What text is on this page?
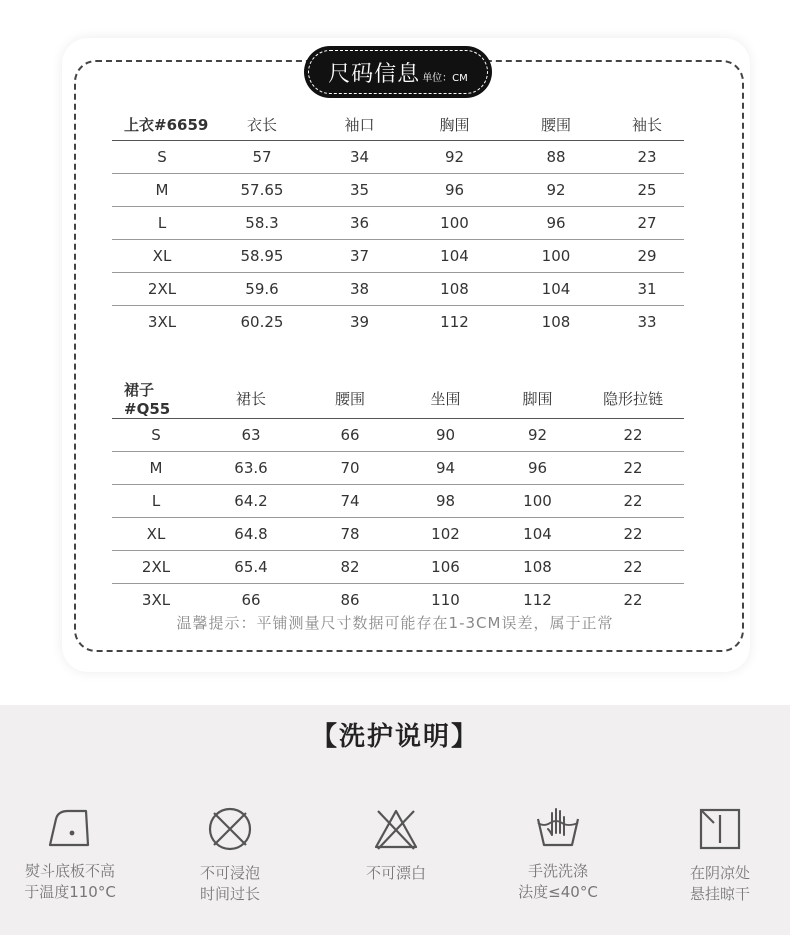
尺码信息 单位：CM
上衣#6659	衣长	袖口	胸围	腰围	袖长
S	57	34	92	88	23
M	57.65	35	96	92	25
L	58.3	36	100	96	27
XL	58.95	37	104	100	29
2XL	59.6	38	108	104	31
3XL	60.25	39	112	108	33
裙子#Q55	裙长	腰围	坐围	脚围	隐形拉链
S	63	66	90	92	22
M	63.6	70	94	96	22
L	64.2	74	98	100	22
XL	64.8	78	102	104	22
2XL	65.4	82	106	108	22
3XL	66	86	110	112	22
温馨提示：平铺测量尺寸数据可能存在1-3CM误差，属于正常
【洗护说明】
熨斗底板不高
于温度110°C
不可浸泡
时间过长
不可漂白	手洗洗涤
法度≤40°C
在阴凉处
悬挂晾干
